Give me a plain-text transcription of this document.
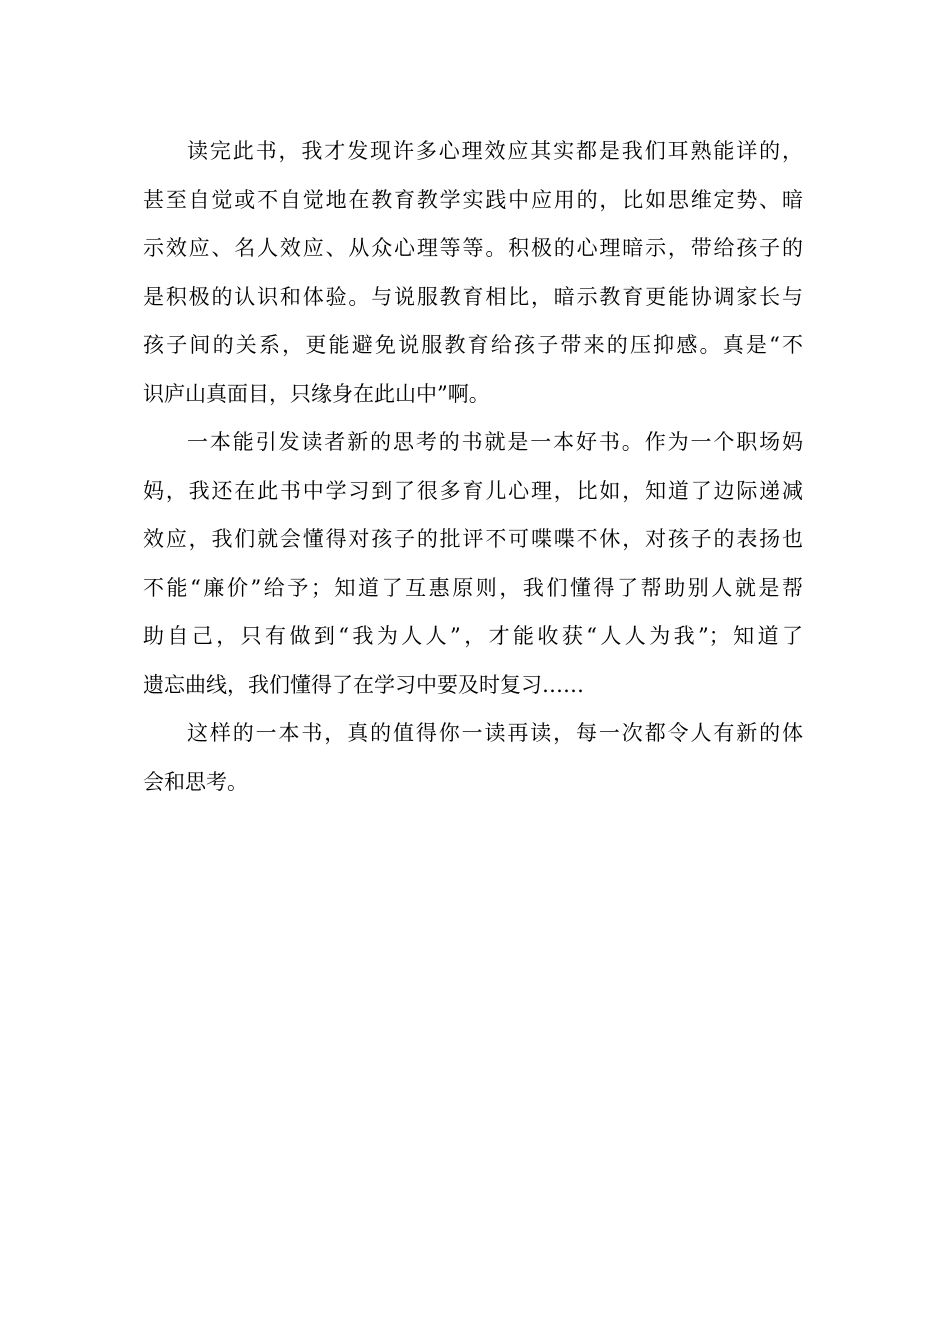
读完此书，我才发现许多心理效应其实都是我们耳熟能详的，
甚至自觉或不自觉地在教育教学实践中应用的，比如思维定势、暗
示效应、名人效应、从众心理等等。积极的心理暗示，带给孩子的
是积极的认识和体验。与说服教育相比，暗示教育更能协调家长与
孩子间的关系，更能避免说服教育给孩子带来的压抑感。真是“不
识庐山真面目，只缘身在此山中”啊。
一本能引发读者新的思考的书就是一本好书。作为一个职场妈
妈，我还在此书中学习到了很多育儿心理，比如，知道了边际递减
效应，我们就会懂得对孩子的批评不可喋喋不休，对孩子的表扬也
不能“廉价”给予；知道了互惠原则，我们懂得了帮助别人就是帮
助自己，只有做到“我为人人”，才能收获“人人为我”；知道了
遗忘曲线，我们懂得了在学习中要及时复习……
这样的一本书，真的值得你一读再读，每一次都令人有新的体
会和思考。
